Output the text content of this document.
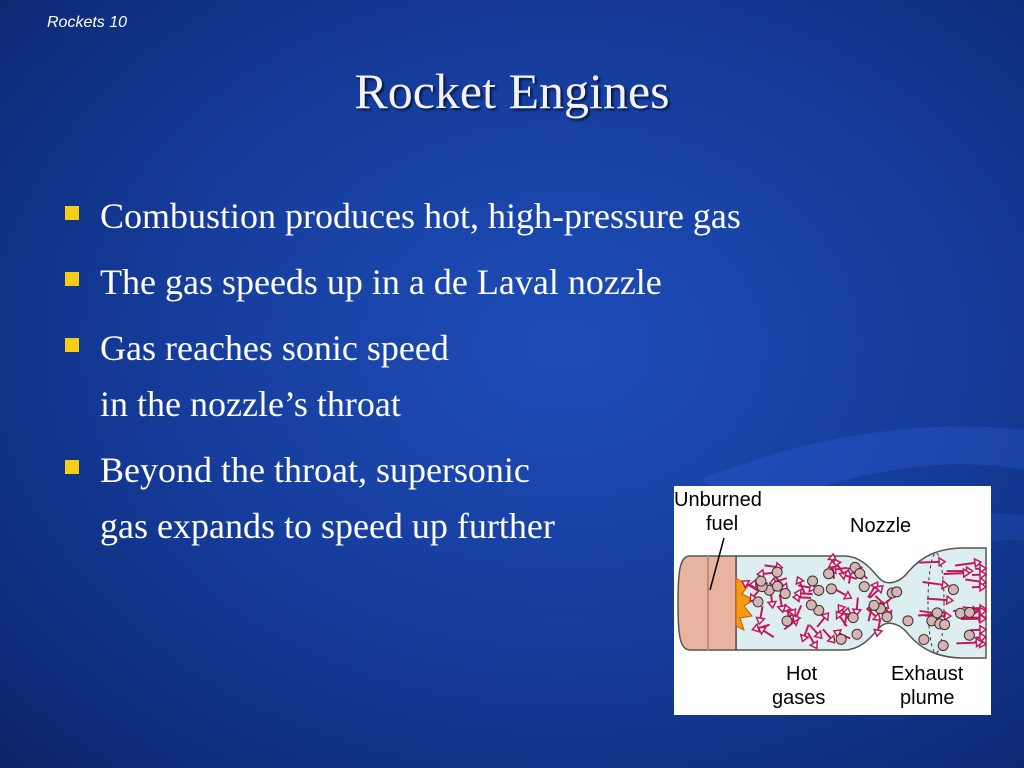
Rockets 10
Rocket Engines
Combustion produces hot, high-pressure gas
The gas speeds up in a de Laval nozzle
Gas reaches sonic speed
in the nozzle’s throat
Beyond the throat, supersonic
gas expands to speed up further
Unburned
fuel	Nozzle
Hot
gases
Exhaust
plume
